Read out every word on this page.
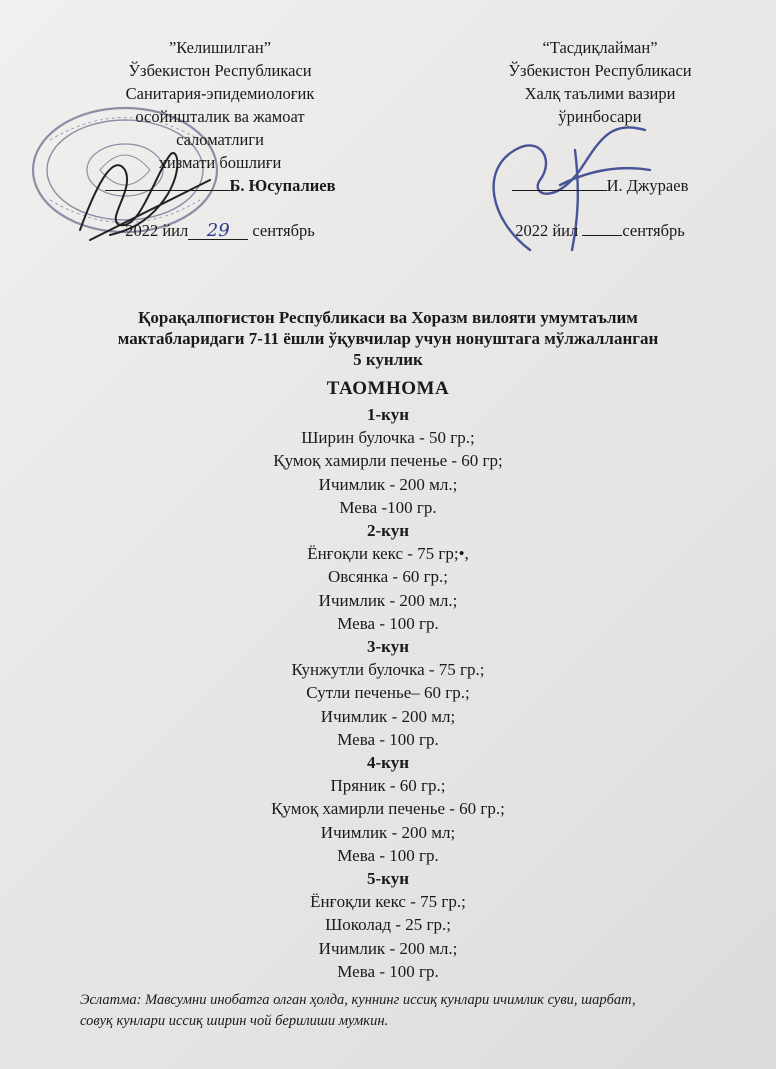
”Келишилган”
Ўзбекистон Республикаси
Санитария-эпидемиолоғик
осойишталик ва жамоат
саломатлиги
хизмати бошлиғи
Б. Юсупалиев
2022 йил 29 сентябрь
“Тасдиқлайман”
Ўзбекистон Республикаси
Халқ таълими вазири
ўринбосари
И. Джураев
2022 йил	сентябрь
Қорақалпоғистон Республикаси ва Хоразм вилояти умумтаълим
мактабларидаги 7-11 ёшли ўқувчилар учун нонуштага мўлжалланган
5 кунлик
ТАОМНОМА
1-кун
Ширин булочка - 50 гр.;
Қумоқ хамирли печенье - 60 гр;
Ичимлик - 200 мл.;
Мева -100 гр.
2-кун
Ёнғоқли кекс - 75 гр;•,
Овсянка - 60 гр.;
Ичимлик - 200 мл.;
Мева - 100 гр.
3-кун
Кунжутли булочка - 75 гр.;
Сутли печенье– 60 гр.;
Ичимлик - 200 мл;
Мева - 100 гр.
4-кун
Пряник - 60 гр.;
Қумоқ хамирли печенье - 60 гр.;
Ичимлик - 200 мл;
Мева - 100 гр.
5-кун
Ёнғоқли кекс - 75 гр.;
Шоколад - 25 гр.;
Ичимлик - 200 мл.;
Мева - 100 гр.
Эслатма: Мавсумни инобатга олган ҳолда, куннинг иссиқ кунлари ичимлик суви, шарбат,
совуқ кунлари иссиқ ширин чой берилиши мумкин.
